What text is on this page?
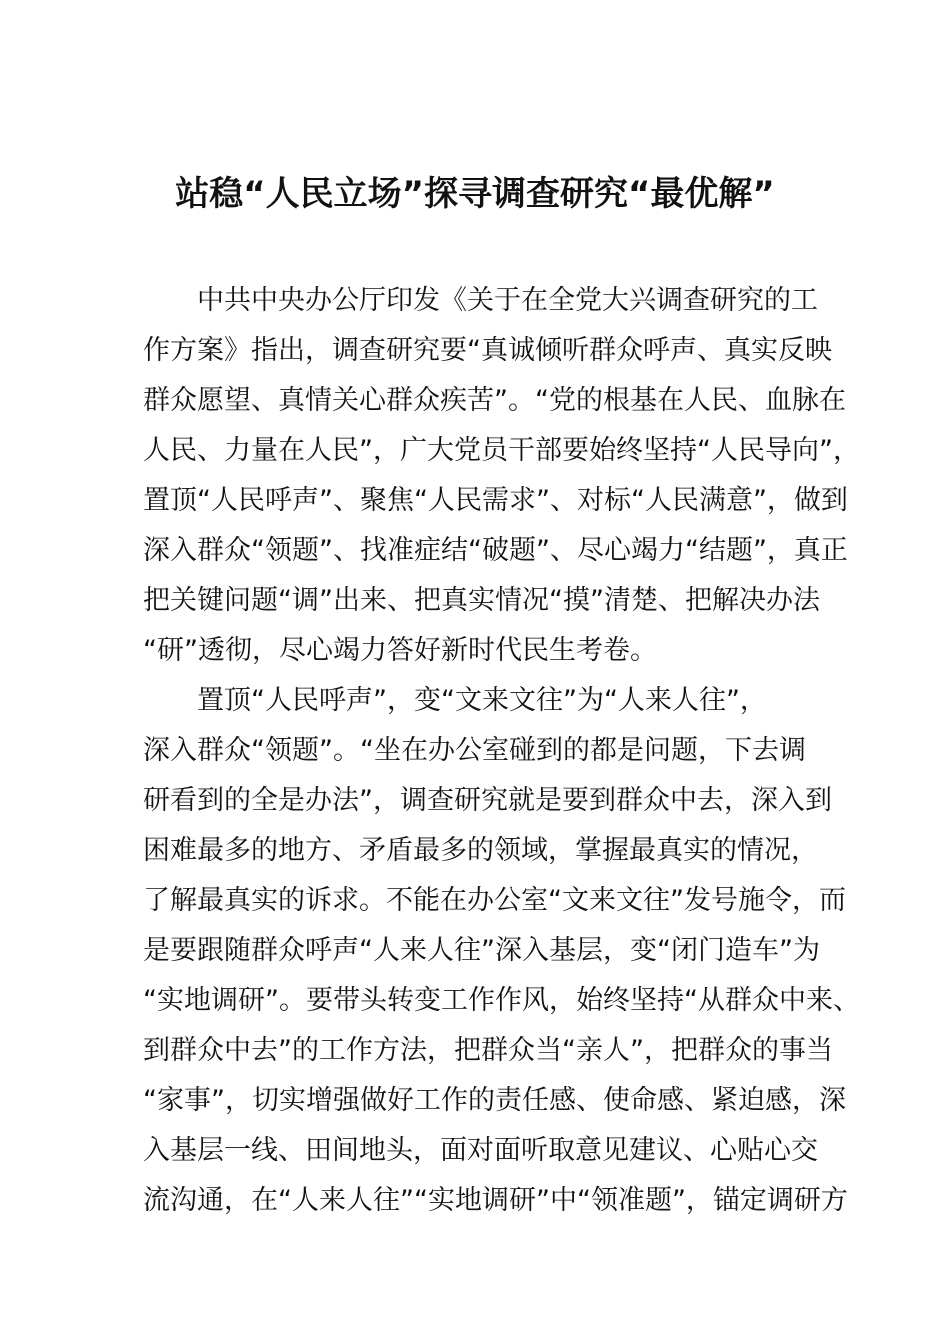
站稳“人民立场”探寻调查研究“最优解”
中共中央办公厅印发《关于在全党大兴调查研究的工
作方案》指出，调查研究要“真诚倾听群众呼声、真实反映
群众愿望、真情关心群众疾苦”。“党的根基在人民、血脉在
人民、力量在人民”，广大党员干部要始终坚持“人民导向”，
置顶“人民呼声”、聚焦“人民需求”、对标“人民满意”，做到
深入群众“领题”、找准症结“破题”、尽心竭力“结题”，真正
把关键问题“调”出来、把真实情况“摸”清楚、把解决办法
“研”透彻，尽心竭力答好新时代民生考卷。
置顶“人民呼声”，变“文来文往”为“人来人往”，
深入群众“领题”。“坐在办公室碰到的都是问题，下去调
研看到的全是办法”，调查研究就是要到群众中去，深入到
困难最多的地方、矛盾最多的领域，掌握最真实的情况，
了解最真实的诉求。不能在办公室“文来文往”发号施令，而
是要跟随群众呼声“人来人往”深入基层，变“闭门造车”为
“实地调研”。要带头转变工作作风，始终坚持“从群众中来、
到群众中去”的工作方法，把群众当“亲人”，把群众的事当
“家事”，切实增强做好工作的责任感、使命感、紧迫感，深
入基层一线、田间地头，面对面听取意见建议、心贴心交
流沟通，在“人来人往”“实地调研”中“领准题”，锚定调研方
